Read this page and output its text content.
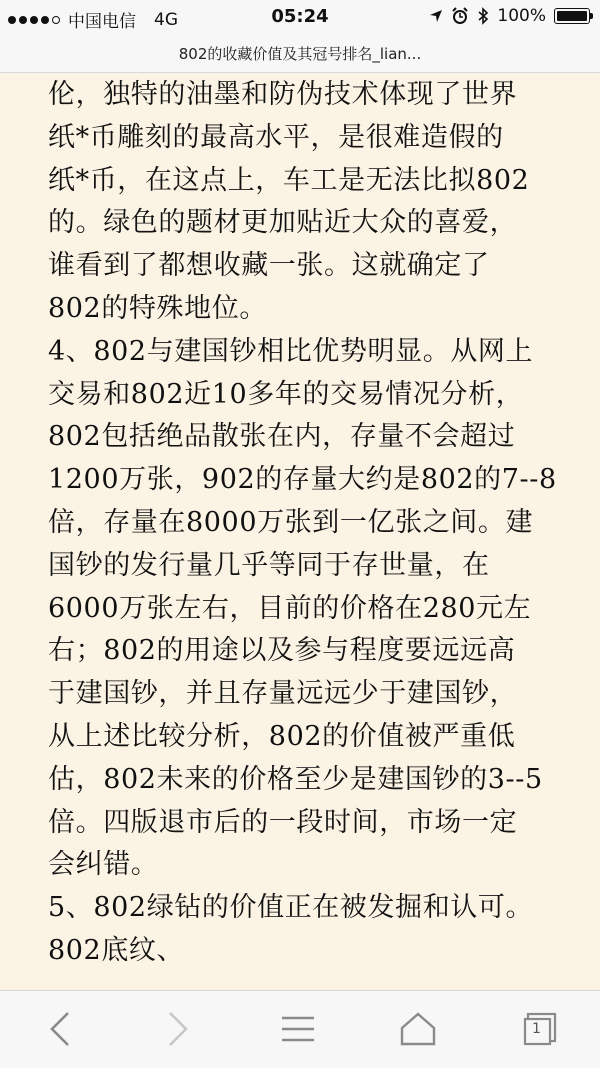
中国电信 4G	05:24	100%
802的收藏价值及其冠号排名_lian...

伦，独特的油墨和防伪技术体现了世界

纸*币雕刻的最高水平，是很难造假的

纸*币，在这点上，车工是无法比拟802

的。绿色的题材更加贴近大众的喜爱，

谁看到了都想收藏一张。这就确定了

802的特殊地位。

4、802与建国钞相比优势明显。从网上

交易和802近10多年的交易情况分析，

802包括绝品散张在内，存量不会超过

1200万张，902的存量大约是802的7--8

倍，存量在8000万张到一亿张之间。建

国钞的发行量几乎等同于存世量，在

6000万张左右，目前的价格在280元左

右；802的用途以及参与程度要远远高

于建国钞，并且存量远远少于建国钞，

从上述比较分析，802的价值被严重低

估，802未来的价格至少是建国钞的3--5

倍。四版退市后的一段时间，市场一定

会纠错。

5、802绿钻的价值正在被发掘和认可。

802底纹、

1
